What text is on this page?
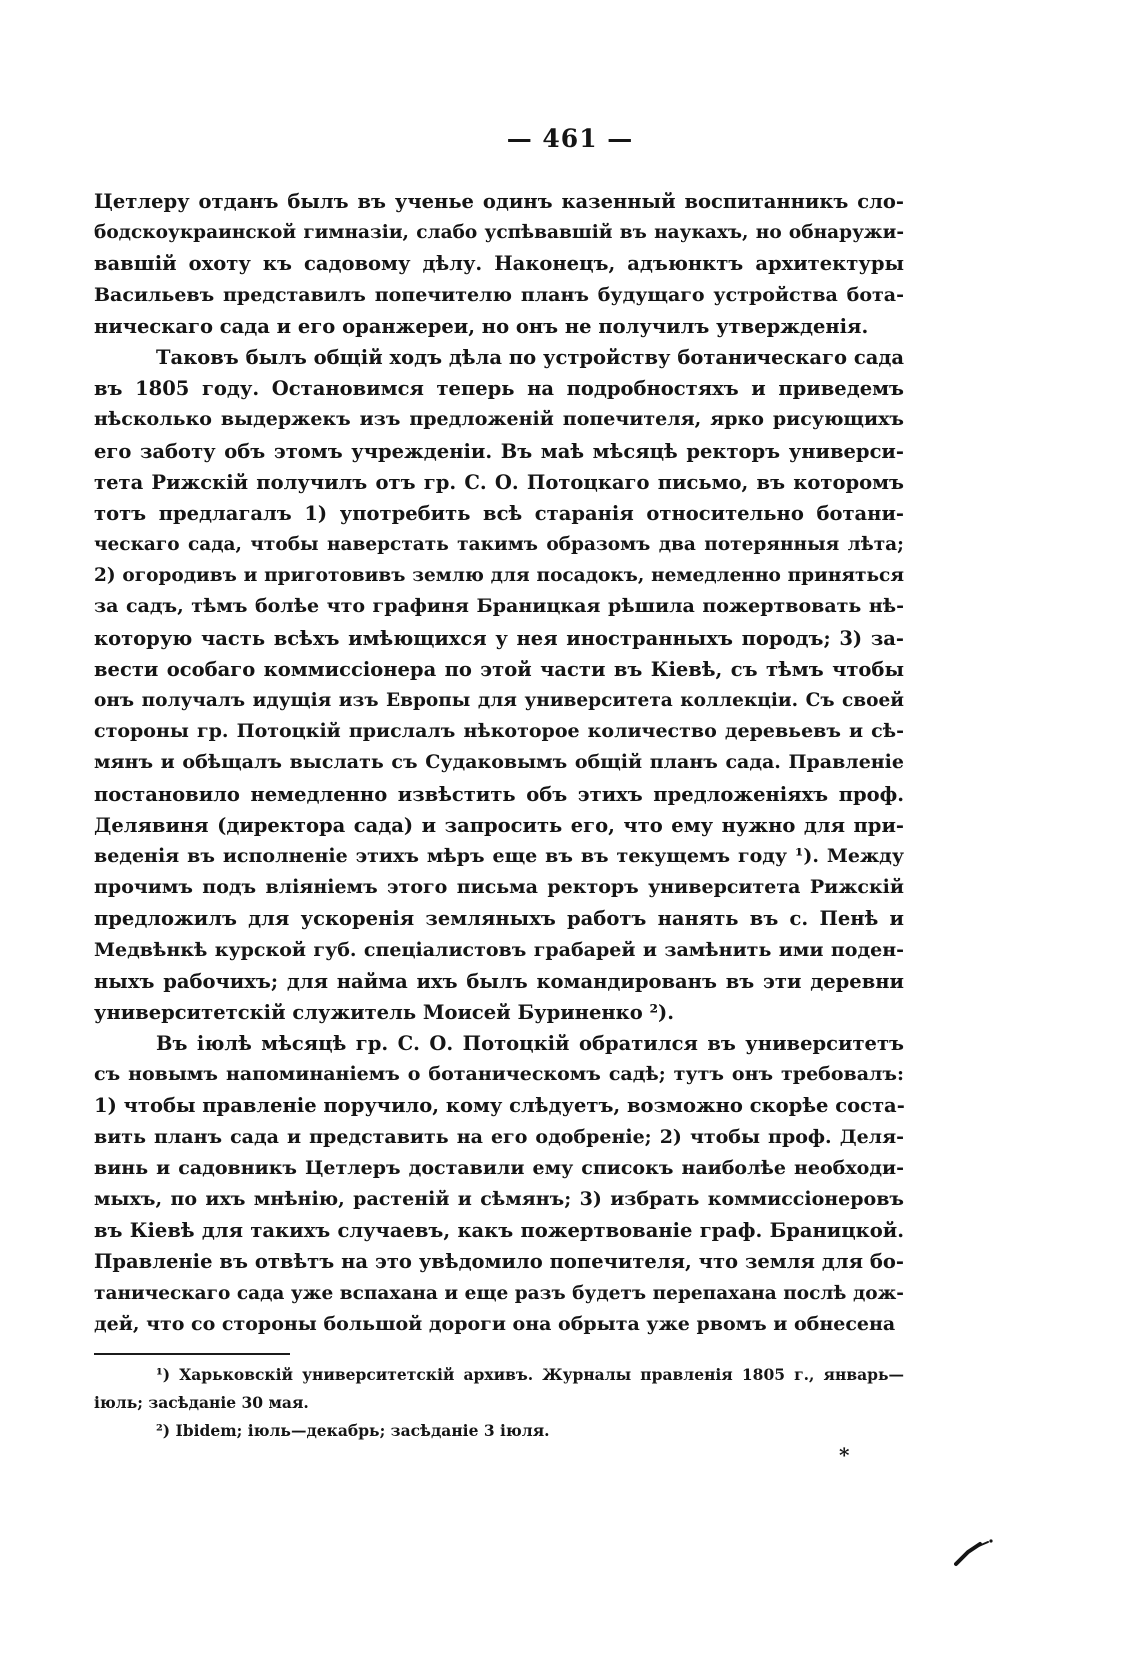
— 461 —
Цетлеру отданъ былъ въ ученье одинъ казенный воспитанникъ сло-
бодскоукраинской гимназіи, слабо успѣвавшій въ наукахъ, но обнаружи-
вавшій охоту къ садовому дѣлу. Наконецъ, адъюнктъ архитектуры
Васильевъ представилъ попечителю планъ будущаго устройства бота-
ническаго сада и его оранжереи, но онъ не получилъ утвержденія.
Таковъ былъ общій ходъ дѣла по устройству ботаническаго сада
въ 1805 году. Остановимся теперь на подробностяхъ и приведемъ
нѣсколько выдержекъ изъ предложеній попечителя, ярко рисующихъ
его заботу объ этомъ учрежденіи. Въ маѣ мѣсяцѣ ректоръ универси-
тета Рижскій получилъ отъ гр. С. О. Потоцкаго письмо, въ которомъ
тотъ предлагалъ 1) употребить всѣ старанія относительно ботани-
ческаго сада, чтобы наверстать такимъ образомъ два потерянныя лѣта;
2) огородивъ и приготовивъ землю для посадокъ, немедленно приняться
за садъ, тѣмъ болѣе что графиня Браницкая рѣшила пожертвовать нѣ-
которую часть всѣхъ имѣющихся у нея иностранныхъ породъ; 3) за-
вести особаго коммиссіонера по этой части въ Кіевѣ, съ тѣмъ чтобы
онъ получалъ идущія изъ Европы для университета коллекціи. Съ своей
стороны гр. Потоцкій прислалъ нѣкоторое количество деревьевъ и сѣ-
мянъ и обѣщалъ выслать съ Судаковымъ общій планъ сада. Правленіе
постановило немедленно извѣстить объ этихъ предложеніяхъ проф.
Делявиня (директора сада) и запросить его, что ему нужно для при-
веденія въ исполненіе этихъ мѣръ еще въ въ текущемъ году ¹). Между
прочимъ подъ вліяніемъ этого письма ректоръ университета Рижскій
предложилъ для ускоренія земляныхъ работъ нанять въ с. Пенѣ и
Медвѣнкѣ курской губ. спеціалистовъ грабарей и замѣнить ими поден-
ныхъ рабочихъ; для найма ихъ былъ командированъ въ эти деревни
университетскій служитель Моисей Буриненко ²).
Въ іюлѣ мѣсяцѣ гр. С. О. Потоцкій обратился въ университетъ
съ новымъ напоминаніемъ о ботаническомъ садѣ; тутъ онъ требовалъ:
1) чтобы правленіе поручило, кому слѣдуетъ, возможно скорѣе соста-
вить планъ сада и представить на его одобреніе; 2) чтобы проф. Деля-
винь и садовникъ Цетлеръ доставили ему списокъ наиболѣе необходи-
мыхъ, по ихъ мнѣнію, растеній и сѣмянъ; 3) избрать коммиссіонеровъ
въ Кіевѣ для такихъ случаевъ, какъ пожертвованіе граф. Браницкой.
Правленіе въ отвѣтъ на это увѣдомило попечителя, что земля для бо-
таническаго сада уже вспахана и еще разъ будетъ перепахана послѣ дож-
дей, что со стороны большой дороги она обрыта уже рвомъ и обнесена
¹) Харьковскій университетскій архивъ. Журналы правленія 1805 г., январь—
іюль; засѣданіе 30 мая.
²) Ibidem; іюль—декабрь; засѣданіе 3 іюля.
*
